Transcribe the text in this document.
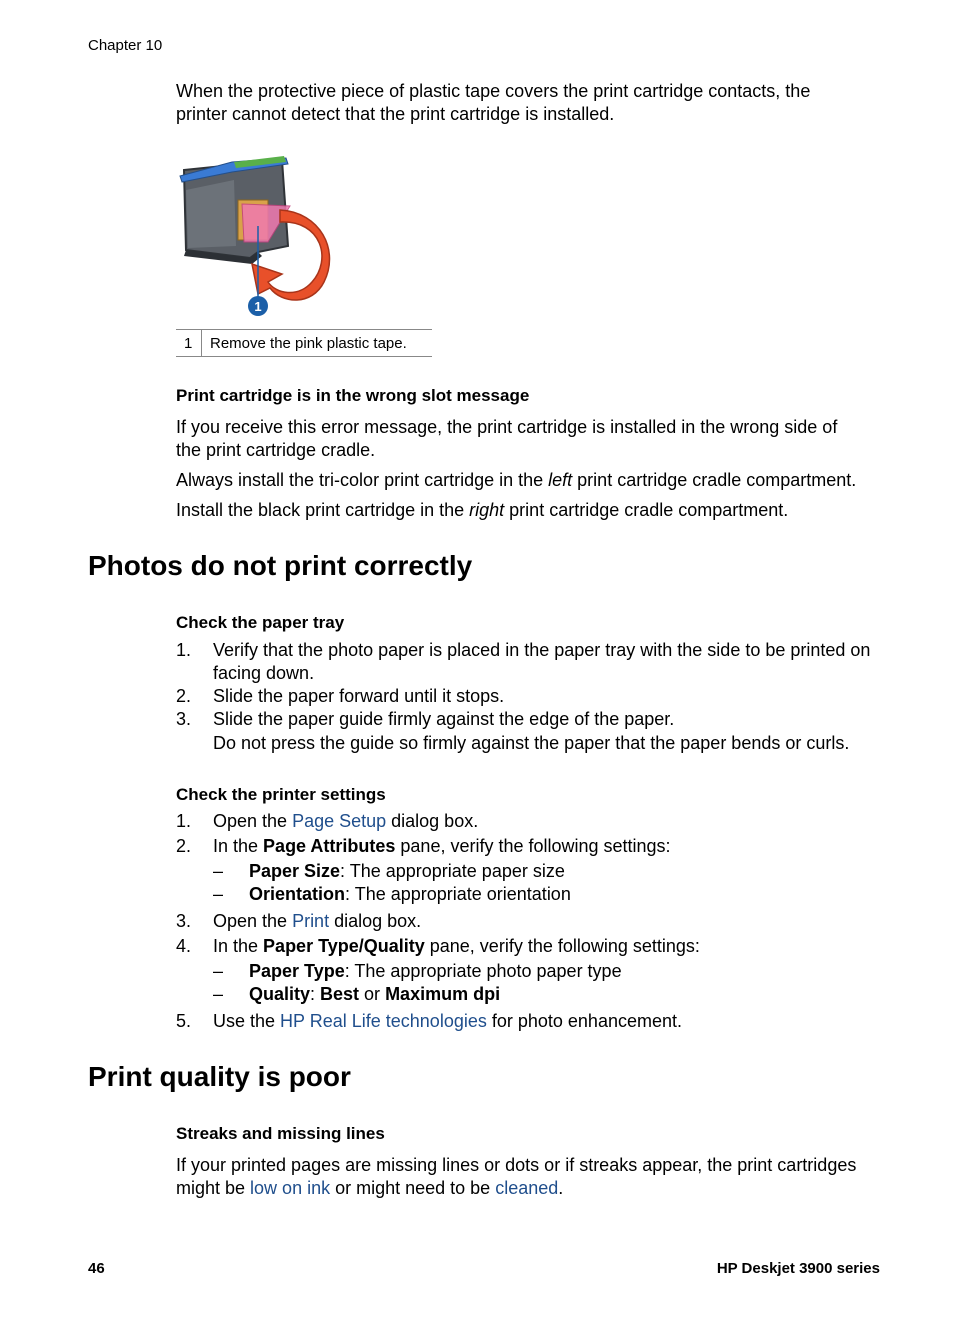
Chapter 10
When the protective piece of plastic tape covers the print cartridge contacts, the printer cannot detect that the print cartridge is installed.
1
1 Remove the pink plastic tape.
Print cartridge is in the wrong slot message
If you receive this error message, the print cartridge is installed in the wrong side of the print cartridge cradle.
Always install the tri-color print cartridge in the left print cartridge cradle compartment.
Install the black print cartridge in the right print cartridge cradle compartment.
Photos do not print correctly
Check the paper tray
1. Verify that the photo paper is placed in the paper tray with the side to be printed on facing down.
2. Slide the paper forward until it stops.
3. Slide the paper guide firmly against the edge of the paper.
Do not press the guide so firmly against the paper that the paper bends or curls.
Check the printer settings
1. Open the Page Setup dialog box.
2. In the Page Attributes pane, verify the following settings:
– Paper Size: The appropriate paper size
– Orientation: The appropriate orientation
3. Open the Print dialog box.
4. In the Paper Type/Quality pane, verify the following settings:
– Paper Type: The appropriate photo paper type
– Quality: Best or Maximum dpi
5. Use the HP Real Life technologies for photo enhancement.
Print quality is poor
Streaks and missing lines
If your printed pages are missing lines or dots or if streaks appear, the print cartridges might be low on ink or might need to be cleaned.
46	HP Deskjet 3900 series
